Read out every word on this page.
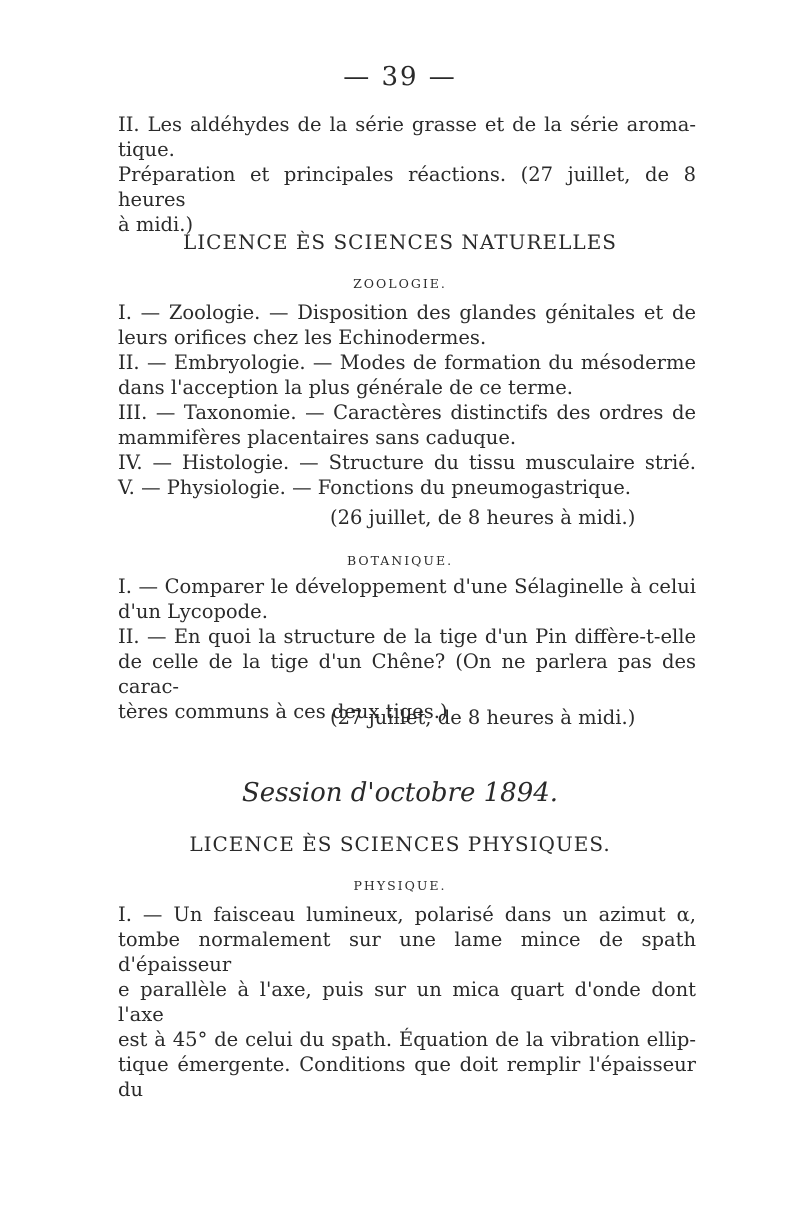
— 39 —
II. Les aldéhydes de la série grasse et de la série aroma-
tique.
Préparation et principales réactions. (27 juillet, de 8 heures
à midi.)
LICENCE ÈS SCIENCES NATURELLES
ZOOLOGIE.
I. — Zoologie. — Disposition des glandes génitales et de
leurs orifices chez les Echinodermes.
II. — Embryologie. — Modes de formation du mésoderme
dans l'acception la plus générale de ce terme.
III. — Taxonomie. — Caractères distinctifs des ordres de
mammifères placentaires sans caduque.
IV. — Histologie. — Structure du tissu musculaire strié.
V. — Physiologie. — Fonctions du pneumogastrique.
(26 juillet, de 8 heures à midi.)
BOTANIQUE.
I. — Comparer le développement d'une Sélaginelle à celui
d'un Lycopode.
II. — En quoi la structure de la tige d'un Pin diffère-t-elle
de celle de la tige d'un Chêne? (On ne parlera pas des carac-
tères communs à ces deux tiges.)
(27 juillet, de 8 heures à midi.)
Session d'octobre 1894.
LICENCE ÈS SCIENCES PHYSIQUES.
PHYSIQUE.
I. — Un faisceau lumineux, polarisé dans un azimut α,
tombe normalement sur une lame mince de spath d'épaisseur
e parallèle à l'axe, puis sur un mica quart d'onde dont l'axe
est à 45° de celui du spath. Équation de la vibration ellip-
tique émergente. Conditions que doit remplir l'épaisseur du
